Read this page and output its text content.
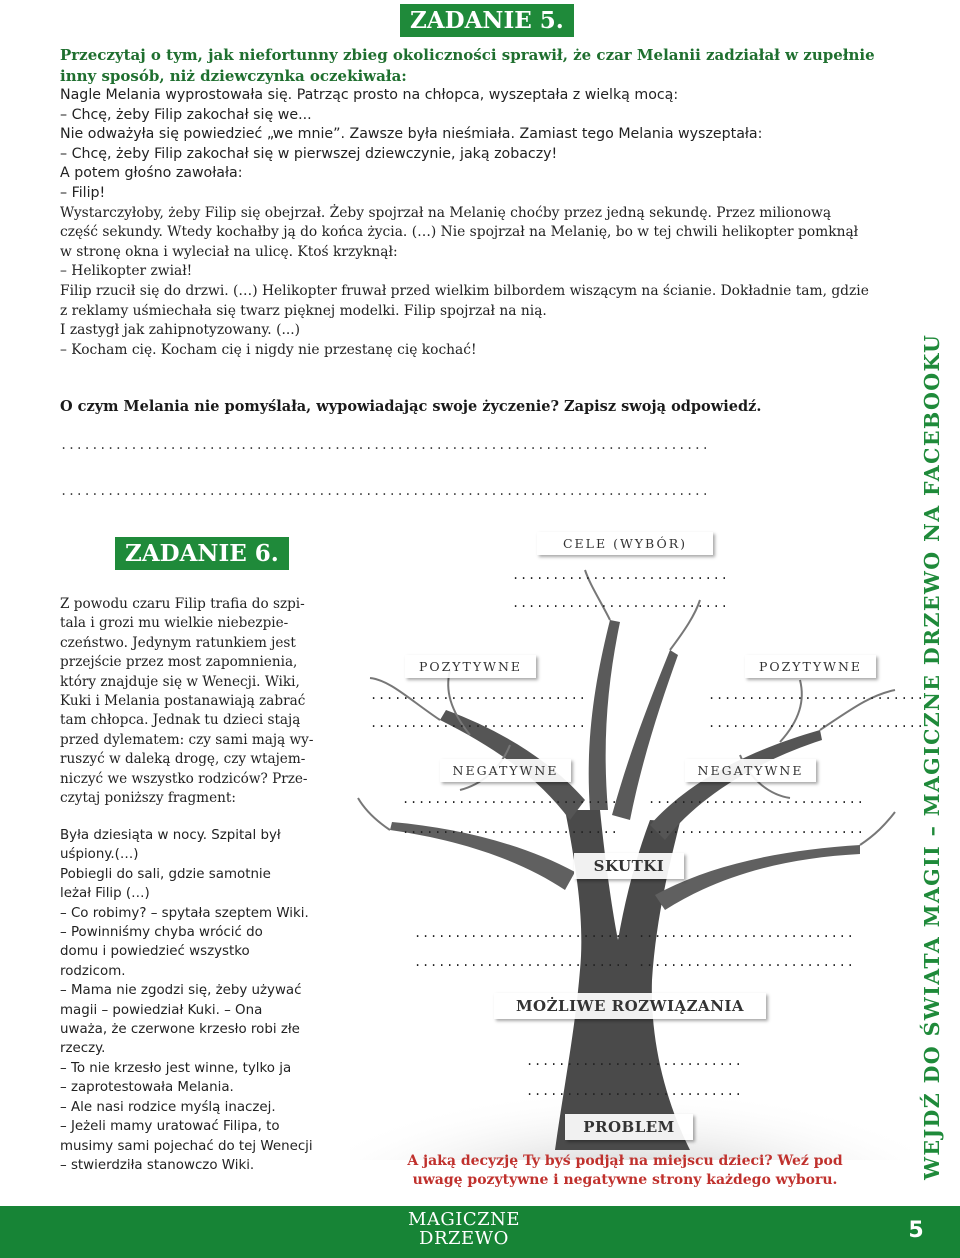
ZADANIE 5.
Przeczytaj o tym, jak niefortunny zbieg okoliczności sprawił, że czar Melanii zadziałał w zupełnie inny sposób, niż dziewczynka oczekiwała:
Nagle Melania wyprostowała się. Patrząc prosto na chłopca, wyszeptała z wielką mocą:
– Chcę, żeby Filip zakochał się we...
Nie odważyła się powiedzieć „we mnie”. Zawsze była nieśmiała. Zamiast tego Melania wyszeptała:
– Chcę, żeby Filip zakochał się w pierwszej dziewczynie, jaką zobaczy!
A potem głośno zawołała:
– Filip!
Wystarczyłoby, żeby Filip się obejrzał. Żeby spojrzał na Melanię choćby przez jedną sekundę. Przez milionową
część sekundy. Wtedy kochałby ją do końca życia. (…) Nie spojrzał na Melanię, bo w tej chwili helikopter pomknął
w stronę okna i wyleciał na ulicę. Ktoś krzyknął:
– Helikopter zwiał!
Filip rzucił się do drzwi. (…) Helikopter fruwał przed wielkim bilbordem wiszącym na ścianie. Dokładnie tam, gdzie
z reklamy uśmiechała się twarz pięknej modelki. Filip spojrzał na nią.
I zastygł jak zahipnotyzowany. (...)
– Kocham cię. Kocham cię i nigdy nie przestanę cię kochać!
O czym Melania nie pomyślała, wypowiadając swoje życzenie? Zapisz swoją odpowiedź.
...................................................................................
...................................................................................
ZADANIE 6.

Z powodu czaru Filip trafia do szpi-

tala i grozi mu wielkie niebezpie-

czeństwo. Jedynym ratunkiem jest

przejście przez most zapomnienia,

który znajduje się w Wenecji. Wiki,

Kuki i Melania postanawiają zabrać

tam chłopca. Jednak tu dzieci stają

przed dylematem: czy sami mają wy-

ruszyć w daleką drogę, czy wtajem-

niczyć we wszystko rodziców? Prze-

czytaj poniższy fragment:

Była dziesiąta w nocy. Szpital był
uśpiony.(…)
Pobiegli do sali, gdzie samotnie
leżał Filip (…)
– Co robimy? – spytała szeptem Wiki.
– Powinniśmy chyba wrócić do
domu i powiedzieć wszystko
rodzicom.
– Mama nie zgodzi się, żeby używać
magii – powiedział Kuki. – Ona
uważa, że czerwone krzesło robi złe
rzeczy.
– To nie krzesło jest winne, tylko ja
– zaprotestowała Melania.
– Ale nasi rodzice myślą inaczej.
– Jeżeli mamy uratować Filipa, to
musimy sami pojechać do tej Wenecji
– stwierdziła stanowczo Wiki.
CELE (WYBÓR)
...........................
...........................
POZYTYWNE
...........................
...........................
POZYTYWNE
...........................
...........................
NEGATYWNE
...........................
...........................
NEGATYWNE
...........................
...........................
SKUTKI
...........................
...........................
...........................
...........................
MOŻLIWE ROZWIĄZANIA
...........................
...........................
PROBLEM
A jaką decyzję Ty byś podjął na miejscu dzieci? Weź pod uwagę pozytywne i negatywne strony każdego wyboru.	WEJDŹ DO ŚWIATA MAGII – MAGICZNE DRZEWO NA FACEBOOKU
MAGICZNE
DRZEWO	5
